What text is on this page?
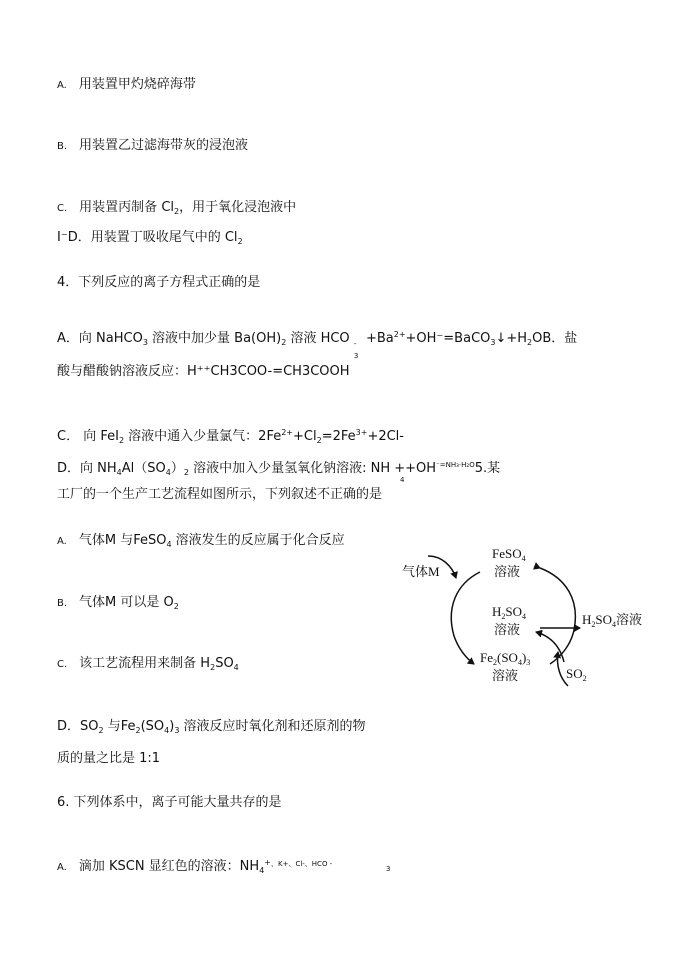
A. 用装置甲灼烧碎海带
B. 用装置乙过滤海带灰的浸泡液
C. 用装置丙制备 $Cl_2$，用于氧化浸泡液中
I⁻D．用装置丁吸收尾气中的 $Cl_2$
4．下列反应的离子方程式正确的是
A．向 NaHCO$_3$ 溶液中加少量 $Ba(OH)_2$ 溶液 HCO -
3
$+Ba^{2+}+OH^-=BaCO_3↓+H_2OB$．盐
酸与醋酸钠溶液反应：H⁺⁺CH3COO-=CH3COOH
C． 向 FeI$_2$ 溶液中通入少量氯气：$2Fe^{2+}+Cl_2=2Fe^{3+}+2Cl-$
D．向 $NH_4Al(SO_4)_2$ 溶液中加入少量氢氧化钠溶液: NH $++OH^{^-=NH_3\cdot H_2O}5$.某
4
工厂的一个生产工艺流程如图所示，下列叙述不正确的是
A. 气体M 与FeSO$_4$ 溶液发生的反应属于化合反应
B. 气体M 可以是 $O_2$
C. 该工艺流程用来制备 $H_2SO_4$
D．$SO_2$ 与$Fe_2(SO_4)_3$ 溶液反应时氧化剂和还原剂的物
质的量之比是 1:1
6. 下列体系中，离子可能大量共存的是
A. 滴加 KSCN 显红色的溶液：$NH_4^{+、K+、Cl-、HCO -}$
3
FeSO$_4$
溶液
气体M
$H_2SO_4$
溶液
$H_2SO_4$溶液
$Fe_2(SO_4)_3$
溶液	$SO_2$
